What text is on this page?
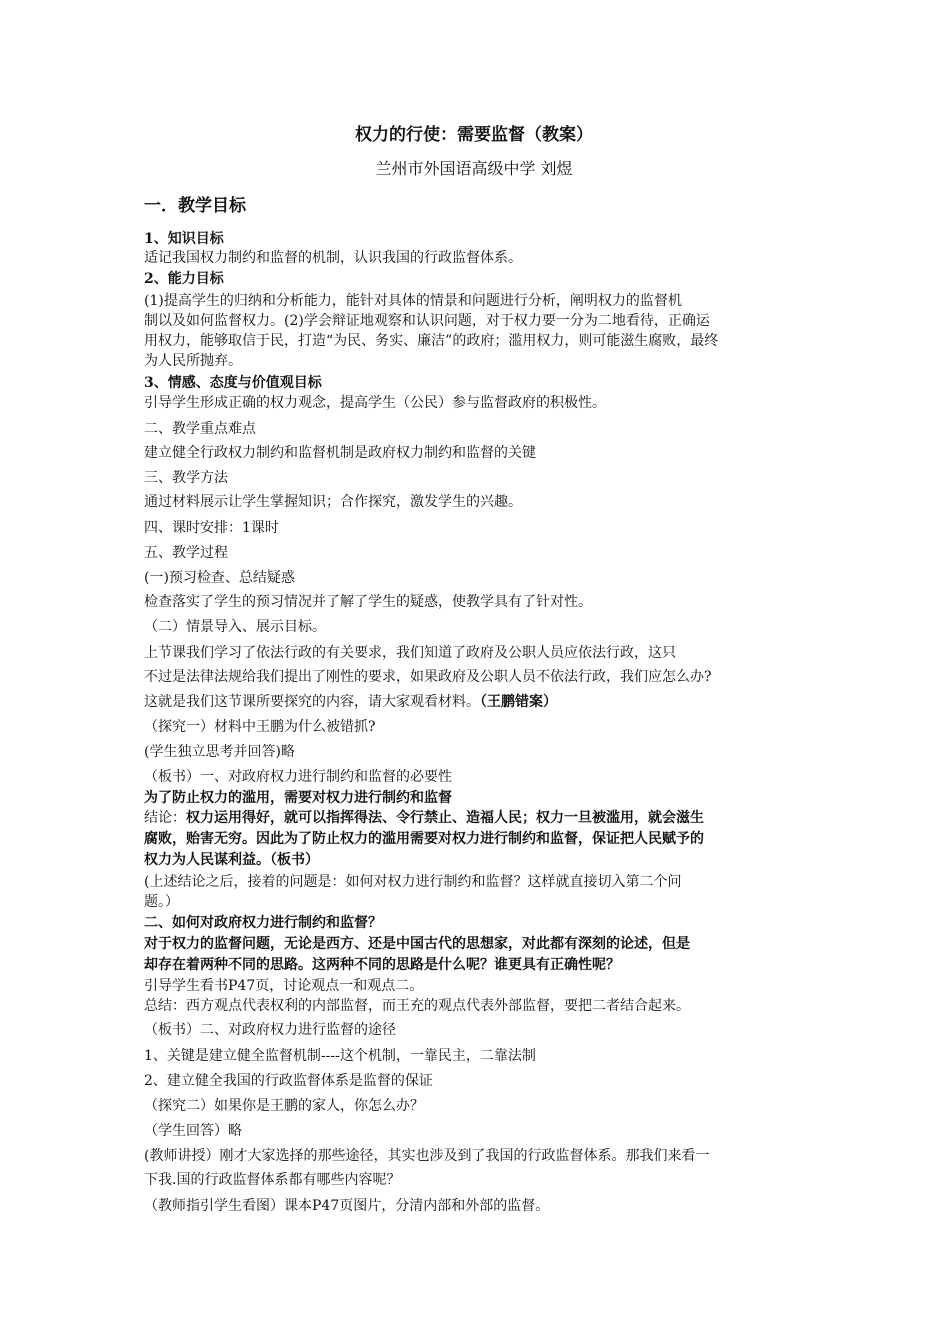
权力的行使：需要监督（教案）
兰州市外国语高级中学 刘煜
一．教学目标
1、知识目标
适记我国权力制约和监督的机制，认识我国的行政监督体系。
2、能力目标
(1)提高学生的归纳和分析能力，能针对具体的情景和问题进行分析，阐明权力的监督机
制以及如何监督权力。(2)学会辩证地观察和认识问题，对于权力要一分为二地看待，正确运
用权力，能够取信于民，打造“为民、务实、廉洁”的政府；滥用权力，则可能滋生腐败，最终
为人民所抛弃。
3、情感、态度与价值观目标
引导学生形成正确的权力观念，提高学生（公民）参与监督政府的积极性。
二、教学重点难点
建立健全行政权力制约和监督机制是政府权力制约和监督的关键
三、教学方法
通过材料展示让学生掌握知识；合作探究，激发学生的兴趣。
四、课时安排：1课时
五、教学过程
(一)预习检查、总结疑惑
检查落实了学生的预习情况并了解了学生的疑惑，使教学具有了针对性。
（二）情景导入、展示目标。
上节课我们学习了依法行政的有关要求，我们知道了政府及公职人员应依法行政，这只
不过是法律法规给我们提出了刚性的要求，如果政府及公职人员不依法行政，我们应怎么办?
这就是我们这节课所要探究的内容，请大家观看材料。（王鹏错案）
（探究一）材料中王鹏为什么被错抓?
(学生独立思考并回答)略
（板书）一、对政府权力进行制约和监督的必要性
为了防止权力的滥用，需要对权力进行制约和监督
结论：权力运用得好，就可以指挥得法、令行禁止、造福人民；权力一旦被滥用，就会滋生
腐败，贻害无穷。因此为了防止权力的滥用需要对权力进行制约和监督，保证把人民赋予的
权力为人民谋利益。（板书）
(上述结论之后，接着的问题是：如何对权力进行制约和监督？这样就直接切入第二个问
题。）
二、如何对政府权力进行制约和监督？
对于权力的监督问题，无论是西方、还是中国古代的思想家，对此都有深刻的论述，但是
却存在着两种不同的思路。这两种不同的思路是什么呢？谁更具有正确性呢？
引导学生看书P47页，讨论观点一和观点二。
总结：西方观点代表权利的内部监督，而王充的观点代表外部监督，要把二者结合起来。
（板书）二、对政府权力进行监督的途径
1、关键是建立健全监督机制----这个机制，一靠民主，二靠法制
2、建立健全我国的行政监督体系是监督的保证
（探究二）如果你是王鹏的家人，你怎么办？
（学生回答）略
(教师讲授）刚才大家选择的那些途径，其实也涉及到了我国的行政监督体系。那我们来看一
下我.国的行政监督体系都有哪些内容呢？
（教师指引学生看图）课本P47页图片，分清内部和外部的监督。
